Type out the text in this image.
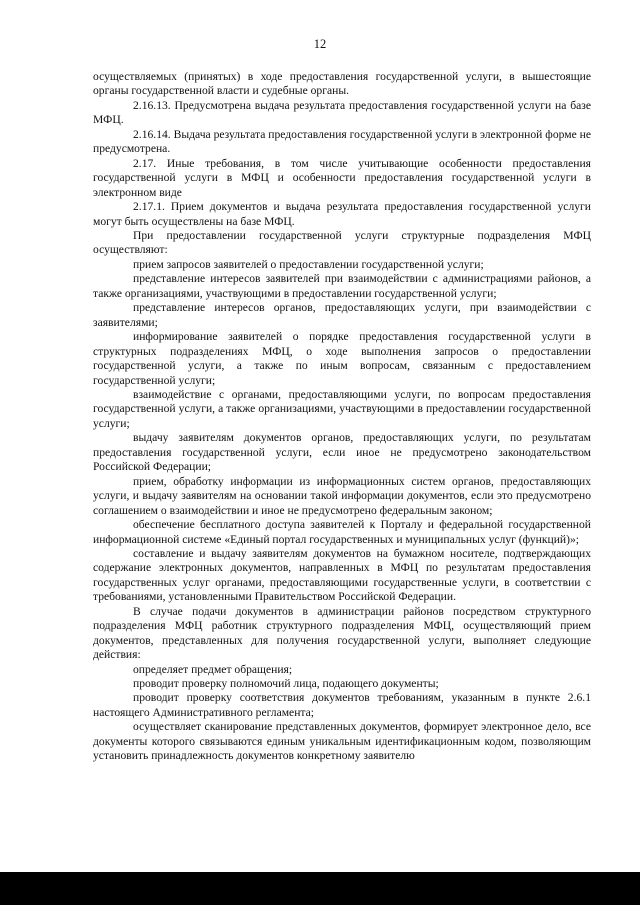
12

осуществляемых (принятых) в ходе предоставления государственной услуги, в вышестоящие органы государственной власти и судебные органы.

2.16.13. Предусмотрена выдача результата предоставления государственной услуги на базе МФЦ.

2.16.14. Выдача результата предоставления государственной услуги в электронной форме не предусмотрена.

2.17. Иные требования, в том числе учитывающие особенности предоставления государственной услуги в МФЦ и особенности предоставления государственной услуги в электронном виде

2.17.1. Прием документов и выдача результата предоставления государственной услуги могут быть осуществлены на базе МФЦ.

При предоставлении государственной услуги структурные подразделения МФЦ осуществляют:

прием запросов заявителей о предоставлении государственной услуги;

представление интересов заявителей при взаимодействии с администрациями районов, а также организациями, участвующими в предоставлении государственной услуги;

представление интересов органов, предоставляющих услуги, при взаимодействии с заявителями;

информирование заявителей о порядке предоставления государственной услуги в структурных подразделениях МФЦ, о ходе выполнения запросов о предоставлении государственной услуги, а также по иным вопросам, связанным с предоставлением государственной услуги;

взаимодействие с органами, предоставляющими услуги, по вопросам предоставления государственной услуги, а также организациями, участвующими в предоставлении государственной услуги;

выдачу заявителям документов органов, предоставляющих услуги, по результатам предоставления государственной услуги, если иное не предусмотрено законодательством Российской Федерации;

прием, обработку информации из информационных систем органов, предоставляющих услуги, и выдачу заявителям на основании такой информации документов, если это предусмотрено соглашением о взаимодействии и иное не предусмотрено федеральным законом;

обеспечение бесплатного доступа заявителей к Порталу и федеральной государственной информационной системе «Единый портал государственных и муниципальных услуг (функций)»;

составление и выдачу заявителям документов на бумажном носителе, подтверждающих содержание электронных документов, направленных в МФЦ по результатам предоставления государственных услуг органами, предоставляющими государственные услуги, в соответствии с требованиями, установленными Правительством Российской Федерации.

В случае подачи документов в администрации районов посредством структурного подразделения МФЦ работник структурного подразделения МФЦ, осуществляющий прием документов, представленных для получения государственной услуги, выполняет следующие действия:

определяет предмет обращения;

проводит проверку полномочий лица, подающего документы;

проводит проверку соответствия документов требованиям, указанным в пункте 2.6.1 настоящего Административного регламента;

осуществляет сканирование представленных документов, формирует электронное дело, все документы которого связываются единым уникальным идентификационным кодом, позволяющим установить принадлежность документов конкретному заявителю
